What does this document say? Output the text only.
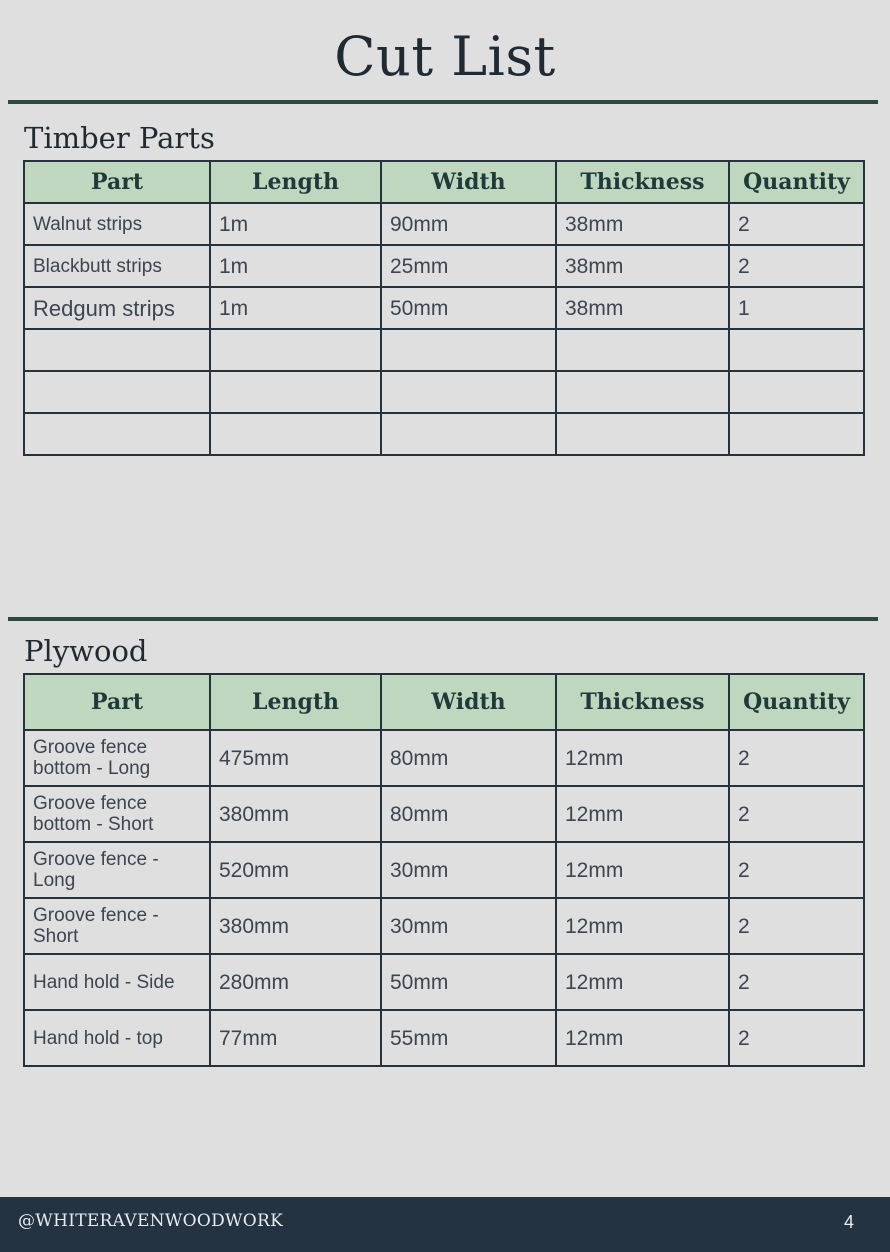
Cut List
Timber Parts
Part	Length	Width	Thickness	Quantity
Walnut strips	1m	90mm	38mm	2
Blackbutt strips	1m	25mm	38mm	2
Redgum strips	1m	50mm	38mm	1

Plywood
Part	Length	Width	Thickness	Quantity
Groove fence bottom - Long	475mm	80mm	12mm	2
Groove fence bottom - Short	380mm	80mm	12mm	2
Groove fence - Long	520mm	30mm	12mm	2
Groove fence - Short	380mm	30mm	12mm	2
Hand hold - Side	280mm	50mm	12mm	2
Hand hold - top	77mm	55mm	12mm	2
@WHITERAVENWOODWORK	4
